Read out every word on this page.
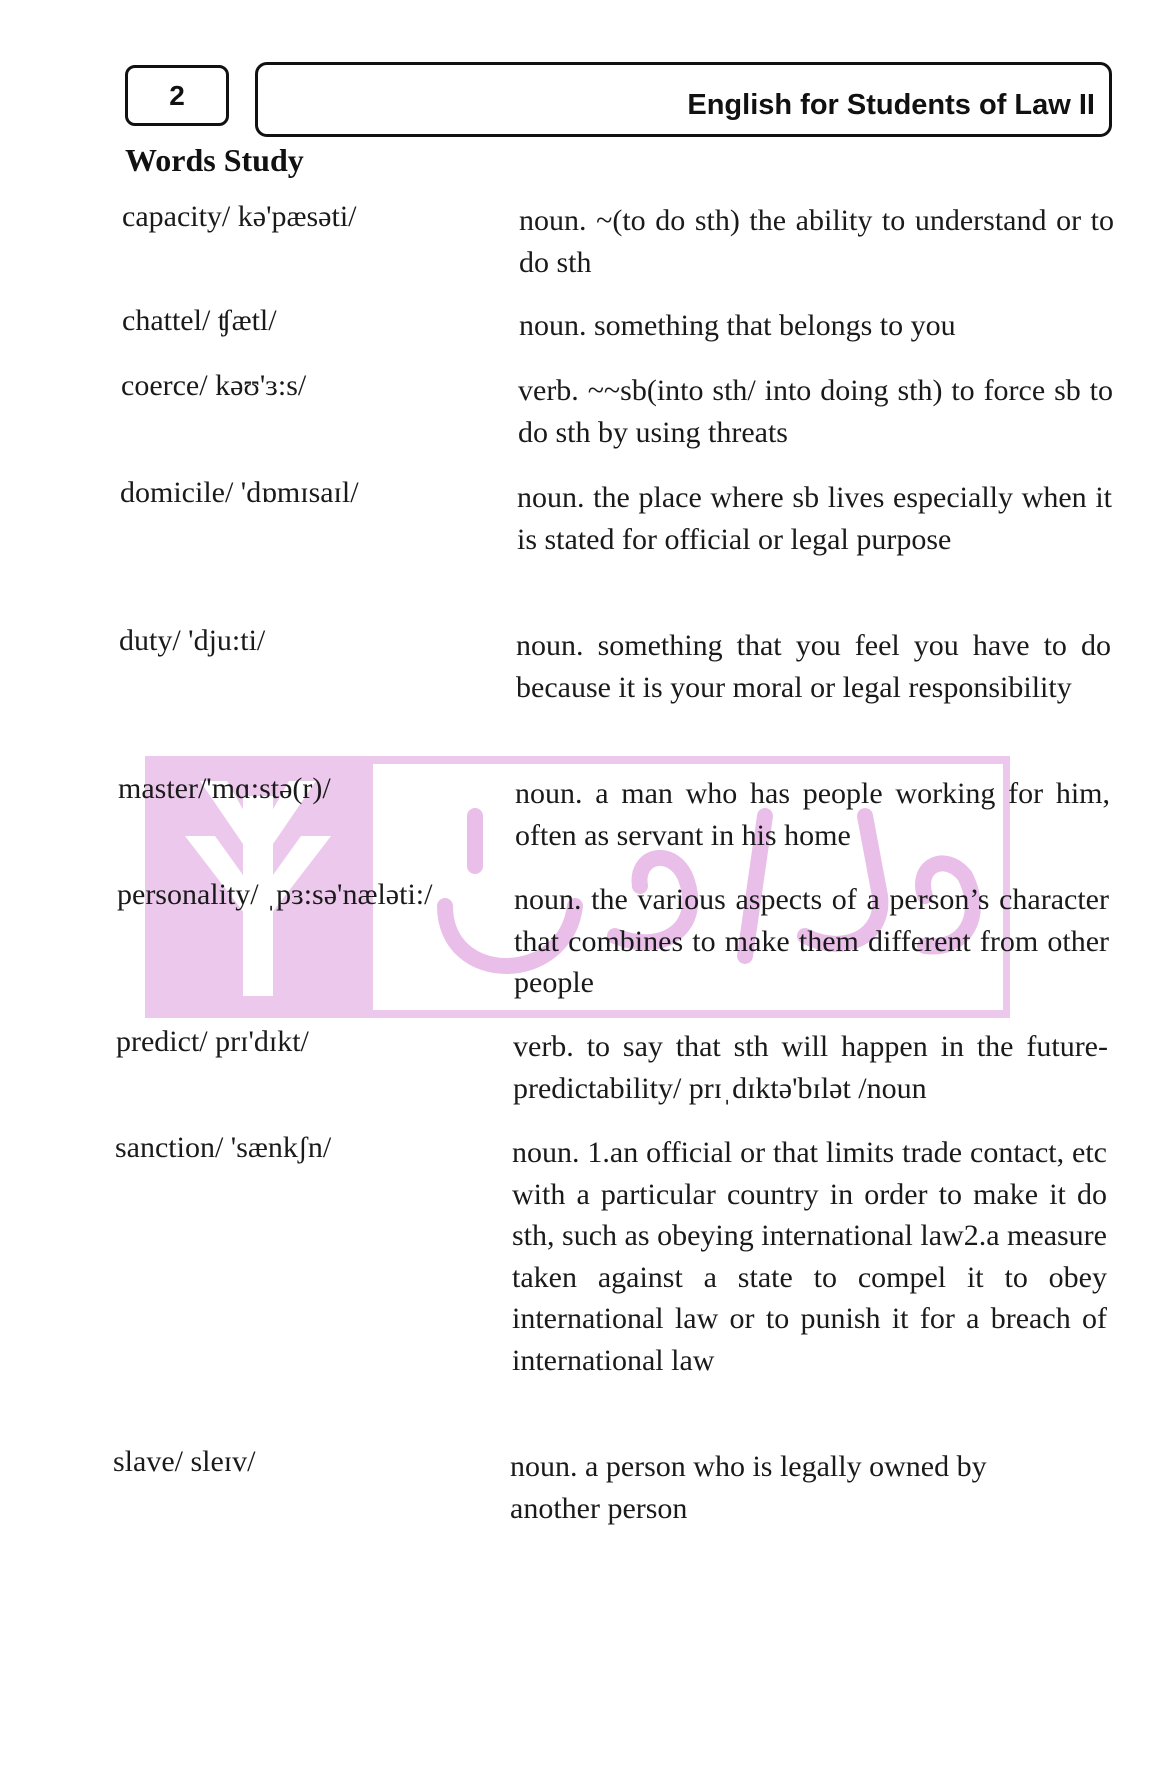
2	English for Students of Law II
Words Study
capacity/ kə'pæsəti/	noun. ~(to do sth) the ability to understand or to do sth
chattel/ ʧætl/	noun. something that belongs to you
coerce/ kəʊ'ɜ:s/	verb. ~~sb(into sth/ into doing sth) to force sb to do sth by using threats
domicile/ 'dɒmɪsaɪl/	noun. the place where sb lives especially when it is stated for official or legal purpose
duty/ 'dju:ti/	noun. something that you feel you have to do because it is your moral or legal responsibility
master/'mɑ:stə(r)/	noun. a man who has people working for him, often as servant in his home
personality/ ˌpɜ:sə'nælәti:/	noun. the various aspects of a person’s character that combines to make them different from other people
predict/ prɪ'dɪkt/	verb. to say that sth will happen in the future-predictability/ prɪˌdɪktə'bɪlət /noun
sanction/ 'sænkʃn/	noun. 1.an official or that limits trade contact, etc with a particular country in order to make it do sth, such as obeying international law2.a measure taken against a state to compel it to obey international law or to punish it for a breach of international law
slave/ sleɪv/	noun. a person who is legally owned by another person
